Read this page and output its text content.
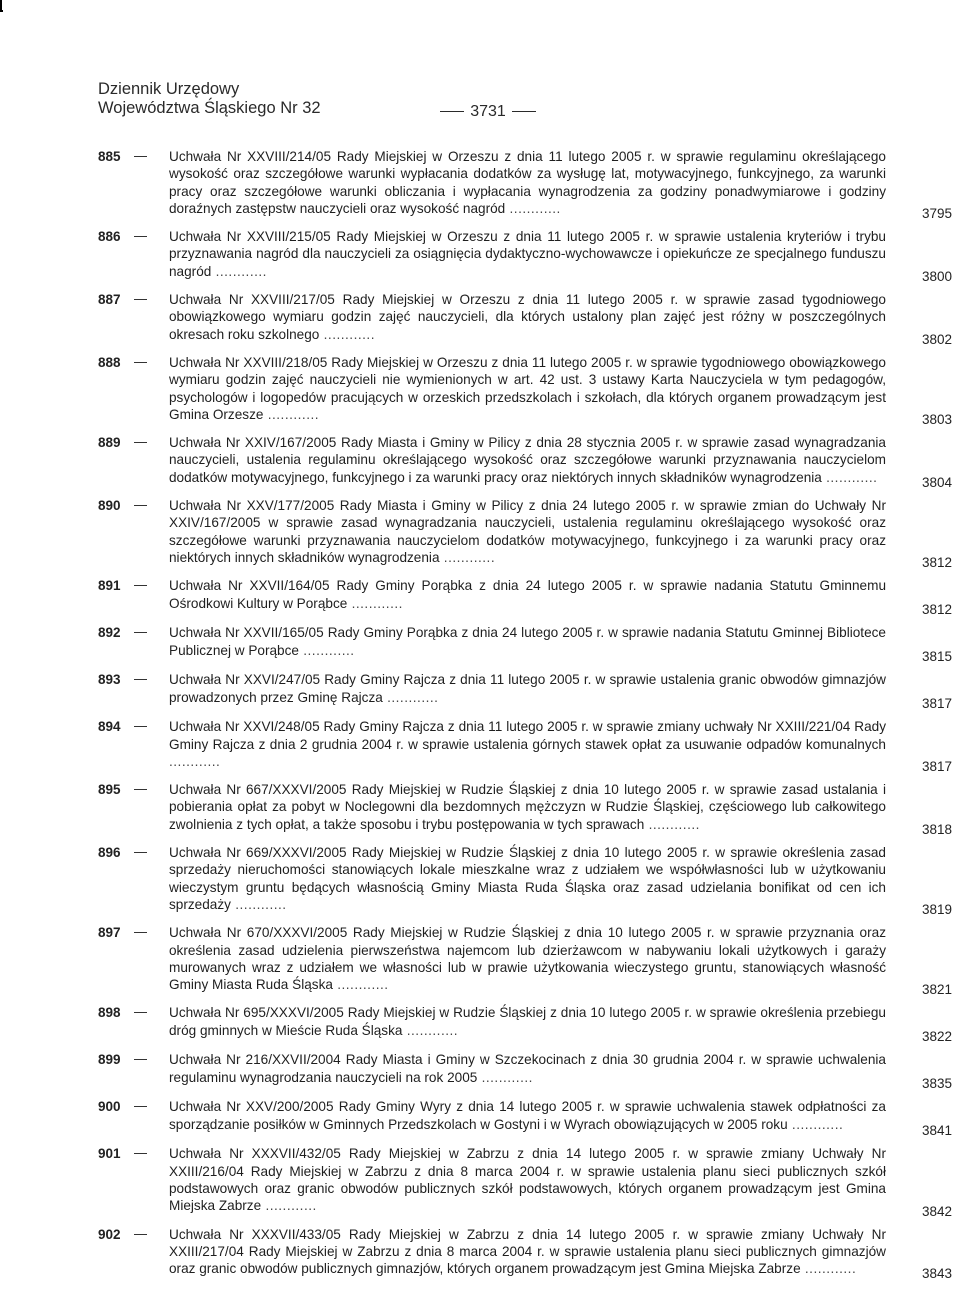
Dziennik Urzędowy
Województwa Śląskiego Nr 32	3731
885	Uchwała Nr XXVIII/214/05 Rady Miejskiej w Orzeszu z dnia 11 lutego 2005 r. w sprawie regulaminu określającego wysokość oraz szczegółowe warunki wypłacania dodatków za wysługę lat, motywacyjnego, funkcyjnego, za warunki pracy oraz szczegółowe warunki obliczania i wypłacania wynagrodzenia za godziny ponadwymiarowe i godziny doraźnych zastępstw nauczycieli oraz wysokość nagród ............	3795
886	Uchwała Nr XXVIII/215/05 Rady Miejskiej w Orzeszu z dnia 11 lutego 2005 r. w sprawie ustalenia kryteriów i trybu przyznawania nagród dla nauczycieli za osiągnięcia dydaktyczno-wychowawcze i opiekuńcze ze specjalnego funduszu nagród ............	3800
887	Uchwała Nr XXVIII/217/05 Rady Miejskiej w Orzeszu z dnia 11 lutego 2005 r. w sprawie zasad tygodniowego obowiązkowego wymiaru godzin zajęć nauczycieli, dla których ustalony plan zajęć jest różny w poszczególnych okresach roku szkolnego ............	3802
888	Uchwała Nr XXVIII/218/05 Rady Miejskiej w Orzeszu z dnia 11 lutego 2005 r. w sprawie tygodniowego obowiązkowego wymiaru godzin zajęć nauczycieli nie wymienionych w art. 42 ust. 3 ustawy Karta Nauczyciela w tym pedagogów, psychologów i logopedów pracujących w orzeskich przedszkolach i szkołach, dla których organem prowadzącym jest Gmina Orzesze ............	3803
889	Uchwała Nr XXIV/167/2005 Rady Miasta i Gminy w Pilicy z dnia 28 stycznia 2005 r. w sprawie zasad wynagradzania nauczycieli, ustalenia regulaminu określającego wysokość oraz szczegółowe warunki przyznawania nauczycielom dodatków motywacyjnego, funkcyjnego i za warunki pracy oraz niektórych innych składników wynagrodzenia ............	3804
890	Uchwała Nr XXV/177/2005 Rady Miasta i Gminy w Pilicy z dnia 24 lutego 2005 r. w sprawie zmian do Uchwały Nr XXIV/167/2005 w sprawie zasad wynagradzania nauczycieli, ustalenia regulaminu określającego wysokość oraz szczegółowe warunki przyznawania nauczycielom dodatków motywacyjnego, funkcyjnego i za warunki pracy oraz niektórych innych składników wynagrodzenia ............	3812
891	Uchwała Nr XXVII/164/05 Rady Gminy Porąbka z dnia 24 lutego 2005 r. w sprawie nadania Statutu Gminnemu Ośrodkowi Kultury w Porąbce ............	3812
892	Uchwała Nr XXVII/165/05 Rady Gminy Porąbka z dnia 24 lutego 2005 r. w sprawie nadania Statutu Gminnej Bibliotece Publicznej w Porąbce ............	3815
893	Uchwała Nr XXVI/247/05 Rady Gminy Rajcza z dnia 11 lutego 2005 r. w sprawie ustalenia granic obwodów gimnazjów prowadzonych przez Gminę Rajcza ............	3817
894	Uchwała Nr XXVI/248/05 Rady Gminy Rajcza z dnia 11 lutego 2005 r. w sprawie zmiany uchwały Nr XXIII/221/04 Rady Gminy Rajcza z dnia 2 grudnia 2004 r. w sprawie ustalenia górnych stawek opłat za usuwanie odpadów komunalnych ............	3817
895	Uchwała Nr 667/XXXVI/2005 Rady Miejskiej w Rudzie Śląskiej z dnia 10 lutego 2005 r. w sprawie zasad ustalania i pobierania opłat za pobyt w Noclegowni dla bezdomnych mężczyzn w Rudzie Śląskiej, częściowego lub całkowitego zwolnienia z tych opłat, a także sposobu i trybu postępowania w tych sprawach ............	3818
896	Uchwała Nr 669/XXXVI/2005 Rady Miejskiej w Rudzie Śląskiej z dnia 10 lutego 2005 r. w sprawie określenia zasad sprzedaży nieruchomości stanowiących lokale mieszkalne wraz z udziałem we współwłasności lub w użytkowaniu wieczystym gruntu będących własnością Gminy Miasta Ruda Śląska oraz zasad udzielania bonifikat od cen ich sprzedaży ............	3819
897	Uchwała Nr 670/XXXVI/2005 Rady Miejskiej w Rudzie Śląskiej z dnia 10 lutego 2005 r. w sprawie przyznania oraz określenia zasad udzielenia pierwszeństwa najemcom lub dzierżawcom w nabywaniu lokali użytkowych i garaży murowanych wraz z udziałem we własności lub w prawie użytkowania wieczystego gruntu, stanowiących własność Gminy Miasta Ruda Śląska ............	3821
898	Uchwała Nr 695/XXXVI/2005 Rady Miejskiej w Rudzie Śląskiej z dnia 10 lutego 2005 r. w sprawie określenia przebiegu dróg gminnych w Mieście Ruda Śląska ............	3822
899	Uchwała Nr 216/XXVII/2004 Rady Miasta i Gminy w Szczekocinach z dnia 30 grudnia 2004 r. w sprawie uchwalenia regulaminu wynagrodzania nauczycieli na rok 2005 ............	3835
900	Uchwała Nr XXV/200/2005 Rady Gminy Wyry z dnia 14 lutego 2005 r. w sprawie uchwalenia stawek odpłatności za sporządzanie posiłków w Gminnych Przedszkolach w Gostyni i w Wyrach obowiązujących w 2005 roku ............	3841
901	Uchwała Nr XXXVII/432/05 Rady Miejskiej w Zabrzu z dnia 14 lutego 2005 r. w sprawie zmiany Uchwały Nr XXIII/216/04 Rady Miejskiej w Zabrzu z dnia 8 marca 2004 r. w sprawie ustalenia planu sieci publicznych szkół podstawowych oraz granic obwodów publicznych szkół podstawowych, których organem prowadzącym jest Gmina Miejska Zabrze ............	3842
902	Uchwała Nr XXXVII/433/05 Rady Miejskiej w Zabrzu z dnia 14 lutego 2005 r. w sprawie zmiany Uchwały Nr XXIII/217/04 Rady Miejskiej w Zabrzu z dnia 8 marca 2004 r. w sprawie ustalenia planu sieci publicznych gimnazjów oraz granic obwodów publicznych gimnazjów, których organem prowadzącym jest Gmina Miejska Zabrze ............	3843
